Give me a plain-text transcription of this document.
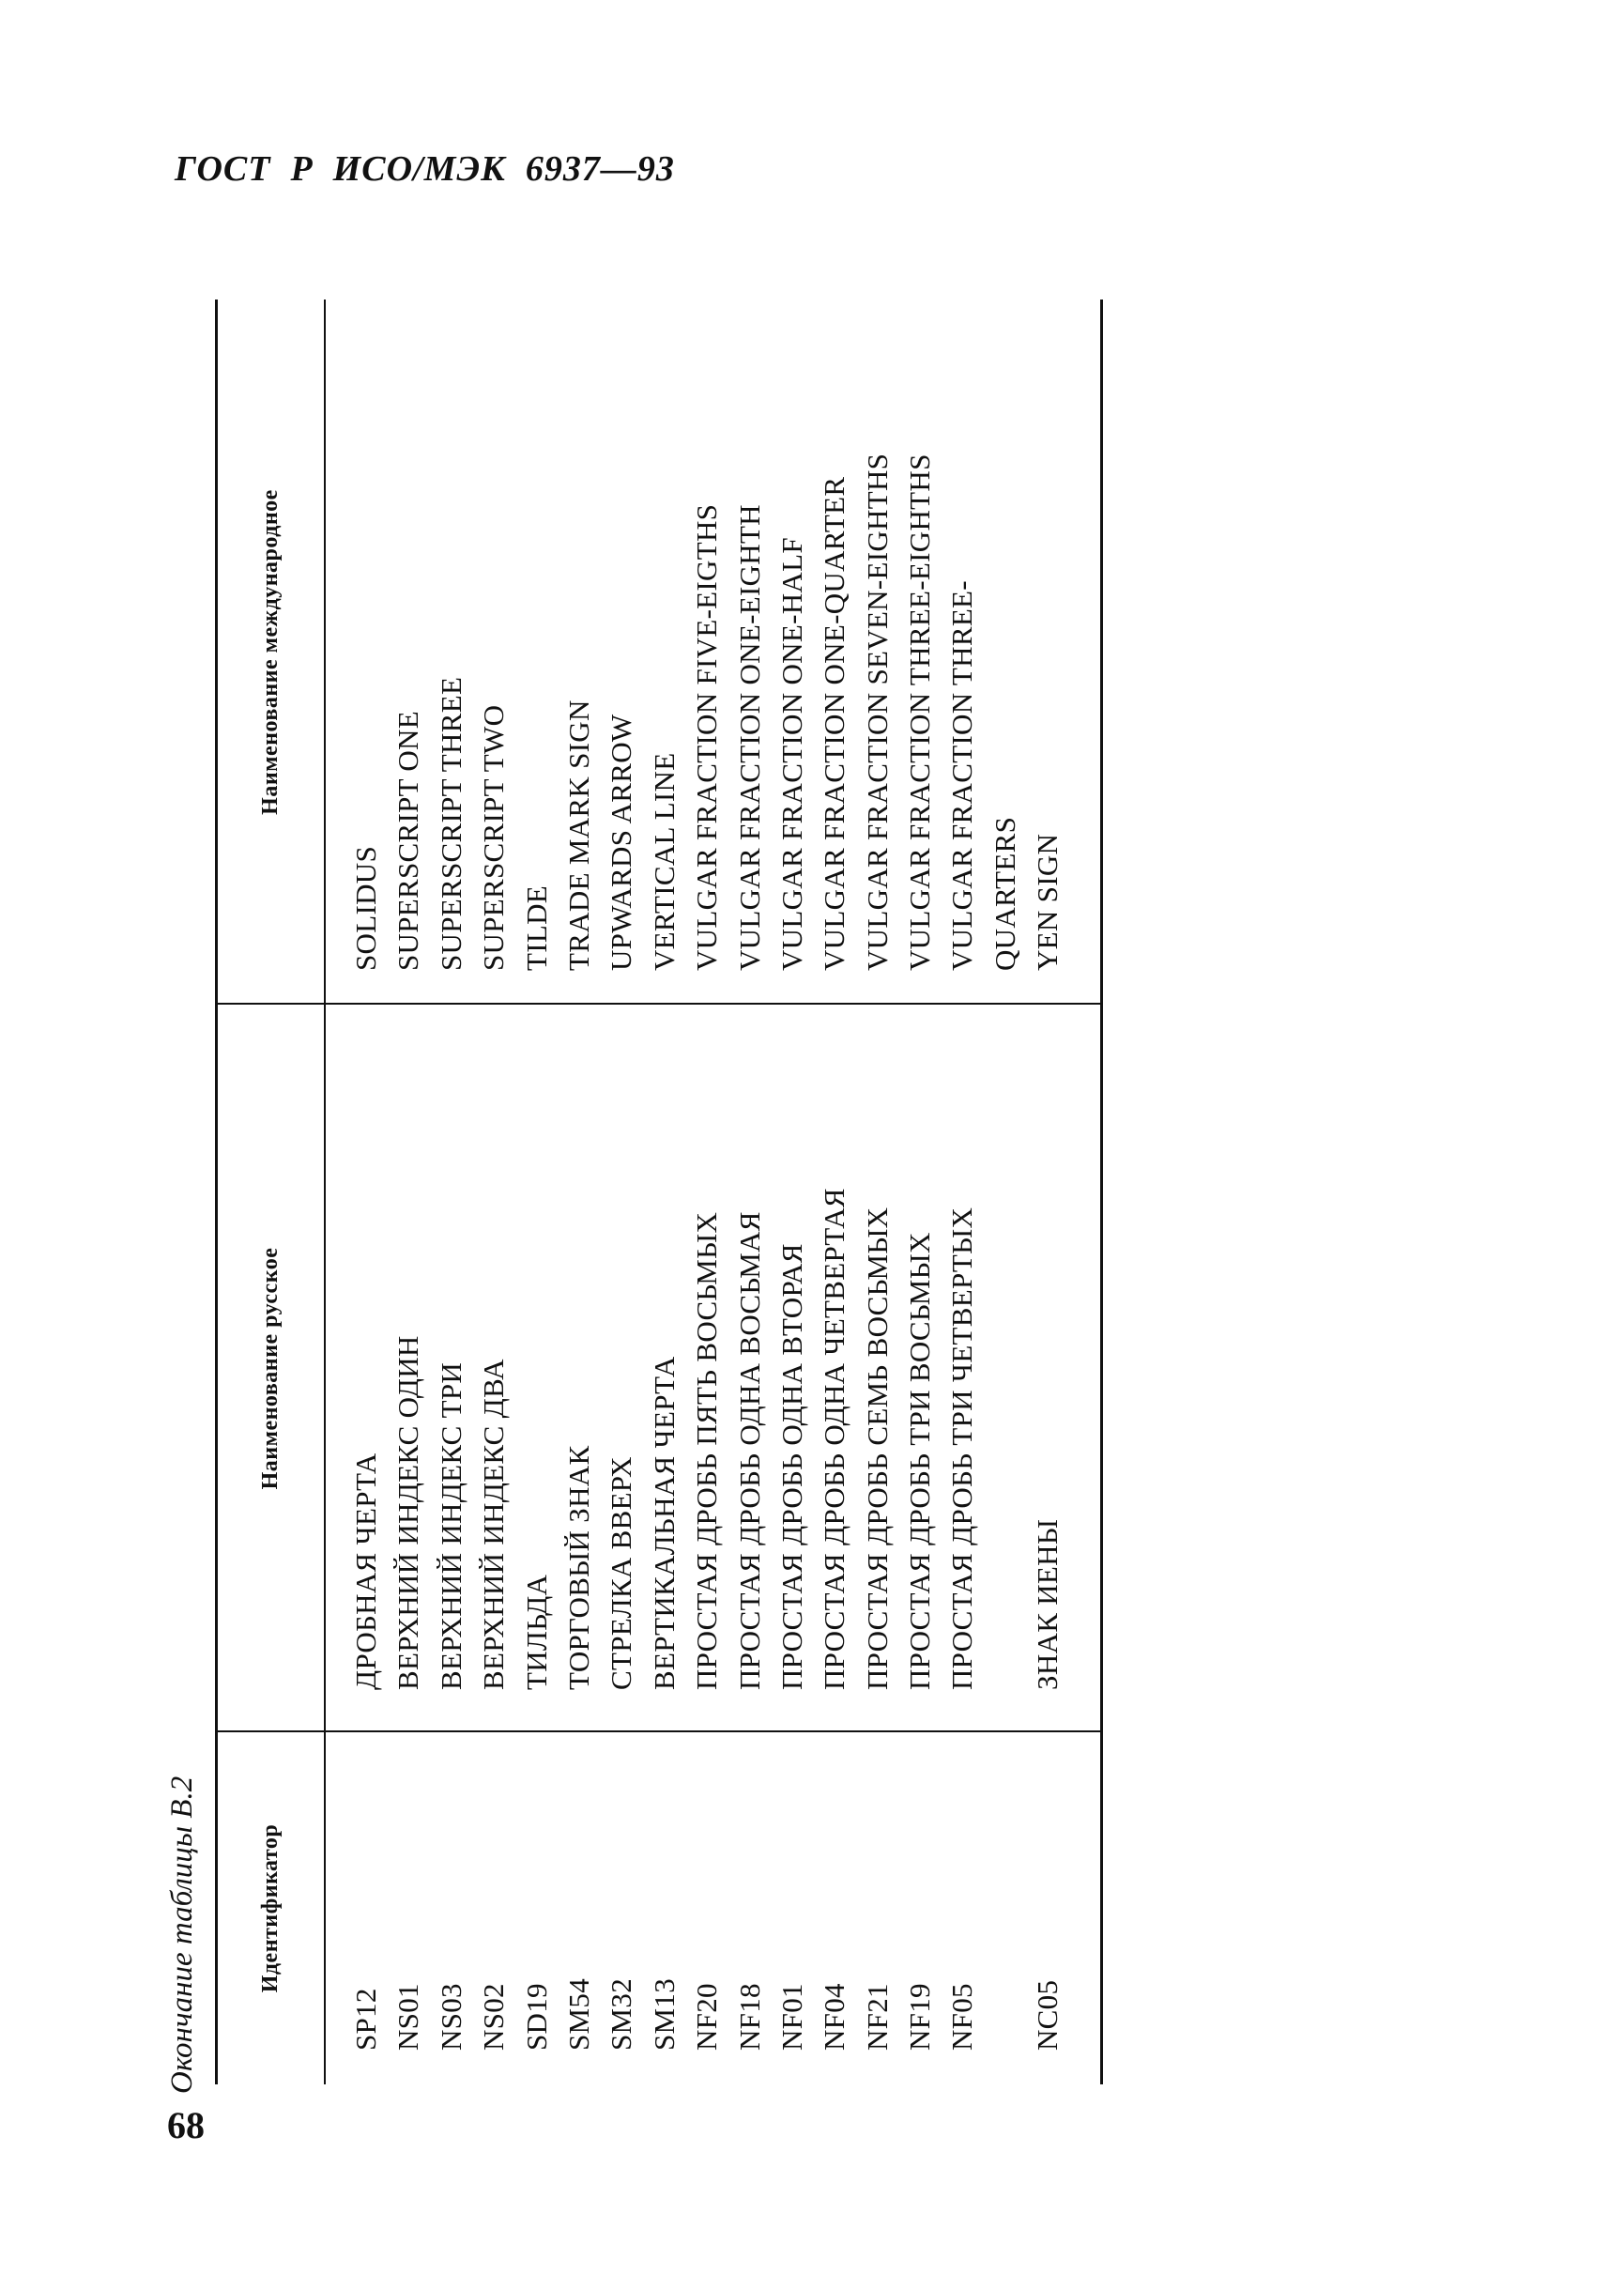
ГОСТ  Р  ИСО/МЭК  6937—93
Окончание таблицы В.2	Идентификатор
SP12 NS01 NS03 NS02 SD19 SM54 SM32 SM13 NF20 NF18 NF01 NF04 NF21 NF19 NF05 NC05
Наименование русское
ДРОБНАЯ ЧЕРТА ВЕРХНИЙ ИНДЕКС ОДИН ВЕРХНИЙ ИНДЕКС ТРИ ВЕРХНИЙ ИНДЕКС ДВА ТИЛЬДА ТОРГОВЫЙ ЗНАК СТРЕЛКА ВВЕРХ ВЕРТИКАЛЬНАЯ ЧЕРТА ПРОСТАЯ ДРОБЬ ПЯТЬ ВОСЬМЫХ ПРОСТАЯ ДРОБЬ ОДНА ВОСЬМАЯ ПРОСТАЯ ДРОБЬ ОДНА ВТОРАЯ ПРОСТАЯ ДРОБЬ ОДНА ЧЕТВЕРТАЯ ПРОСТАЯ ДРОБЬ СЕМЬ ВОСЬМЫХ ПРОСТАЯ ДРОБЬ ТРИ ВОСЬМЫХ ПРОСТАЯ ДРОБЬ ТРИ ЧЕТВЕРТЫХ ЗНАК ИЕНЫ
Наименование международное
SOLIDUS SUPERSCRIPT ONE SUPERSCRIPT THREE SUPERSCRIPT TWO TILDE TRADE MARK SIGN UPWARDS ARROW VERTICAL LINE VULGAR FRACTION FIVE-EIGTHS VULGAR FRACTION ONE-EIGHTH VULGAR FRACTION ONE-HALF VULGAR FRACTION ONE-QUARTER VULGAR FRACTION SEVEN-EIGHTHS VULGAR FRACTION THREE-EIGHTHS VULGAR FRACTION THREE- QUARTERS YEN SIGN
68
